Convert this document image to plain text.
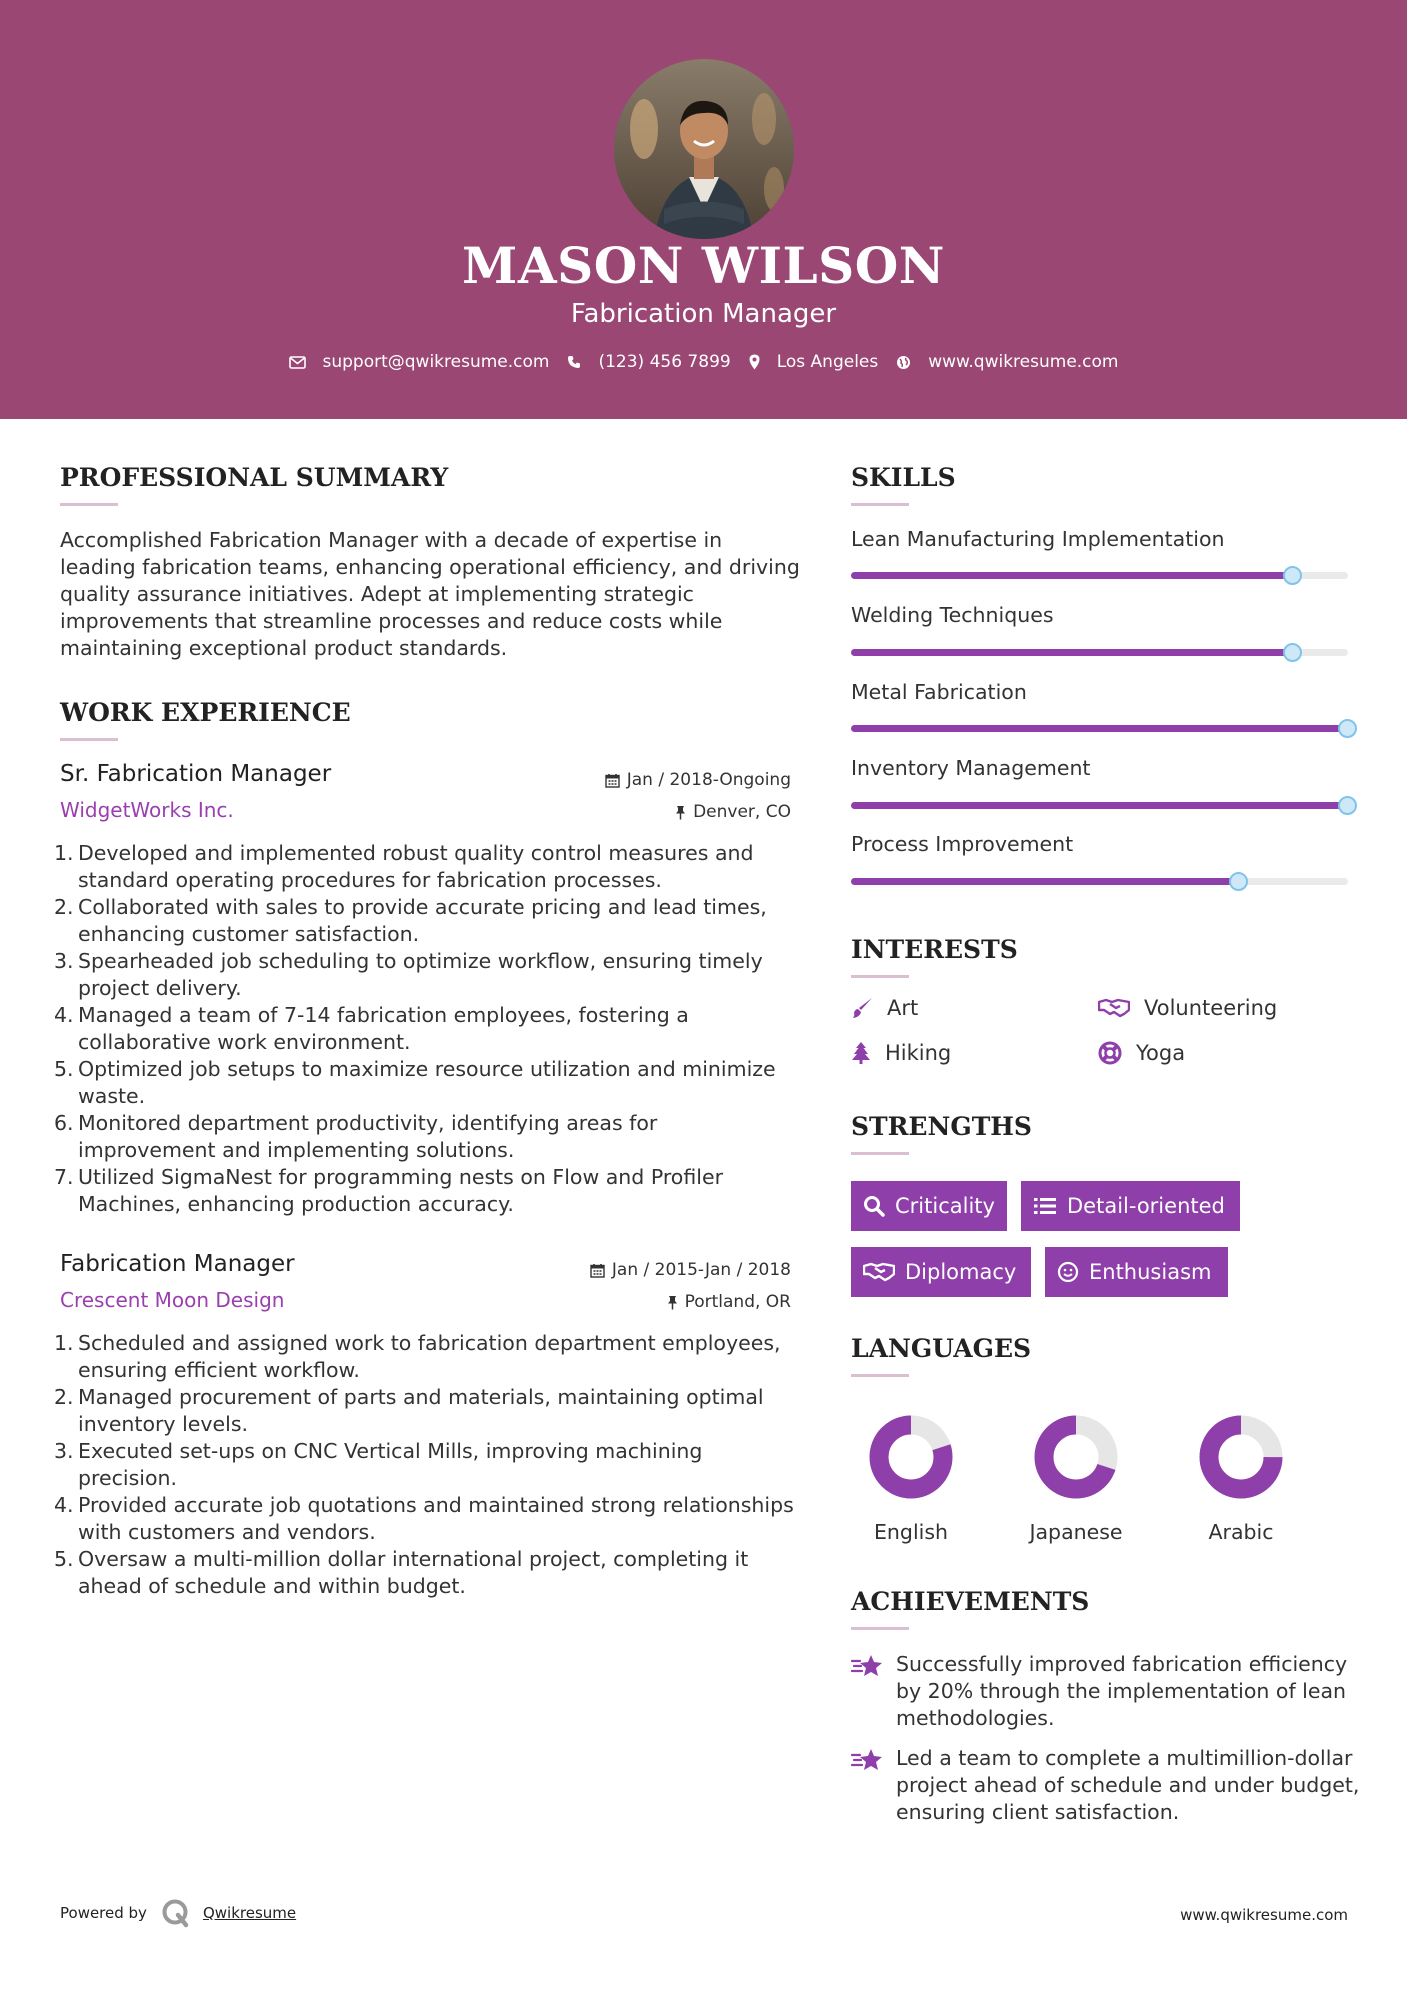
MASON WILSON
Fabrication Manager
support@qwikresume.com	(123) 456 7899	Los Angeles	www.qwikresume.com
PROFESSIONAL SUMMARY
Accomplished Fabrication Manager with a decade of expertise in leading fabrication teams, enhancing operational efficiency, and driving quality assurance initiatives. Adept at implementing strategic improvements that streamline processes and reduce costs while maintaining exceptional product standards.
WORK EXPERIENCE
Sr. Fabrication Manager	Jan / 2018-Ongoing
WidgetWorks Inc.	Denver, CO
1. Developed and implemented robust quality control measures and standard operating procedures for fabrication processes.
2. Collaborated with sales to provide accurate pricing and lead times, enhancing customer satisfaction.
3. Spearheaded job scheduling to optimize workflow, ensuring timely project delivery.
4. Managed a team of 7-14 fabrication employees, fostering a collaborative work environment.
5. Optimized job setups to maximize resource utilization and minimize waste.
6. Monitored department productivity, identifying areas for improvement and implementing solutions.
7. Utilized SigmaNest for programming nests on Flow and Profiler Machines, enhancing production accuracy.
Fabrication Manager	Jan / 2015-Jan / 2018
Crescent Moon Design	Portland, OR
1. Scheduled and assigned work to fabrication department employees, ensuring efficient workflow.
2. Managed procurement of parts and materials, maintaining optimal inventory levels.
3. Executed set-ups on CNC Vertical Mills, improving machining precision.
4. Provided accurate job quotations and maintained strong relationships with customers and vendors.
5. Oversaw a multi-million dollar international project, completing it ahead of schedule and within budget.
SKILLS
Lean Manufacturing Implementation
Welding Techniques
Metal Fabrication
Inventory Management
Process Improvement
INTERESTS
Art	Volunteering
Hiking	Yoga
STRENGTHS
Criticality	Detail-oriented
Diplomacy	Enthusiasm
LANGUAGES
English	Japanese	Arabic
ACHIEVEMENTS
Successfully improved fabrication efficiency by 20% through the implementation of lean methodologies.
Led a team to complete a multimillion-dollar project ahead of schedule and under budget, ensuring client satisfaction.
Powered by	Qwikresume	www.qwikresume.com
